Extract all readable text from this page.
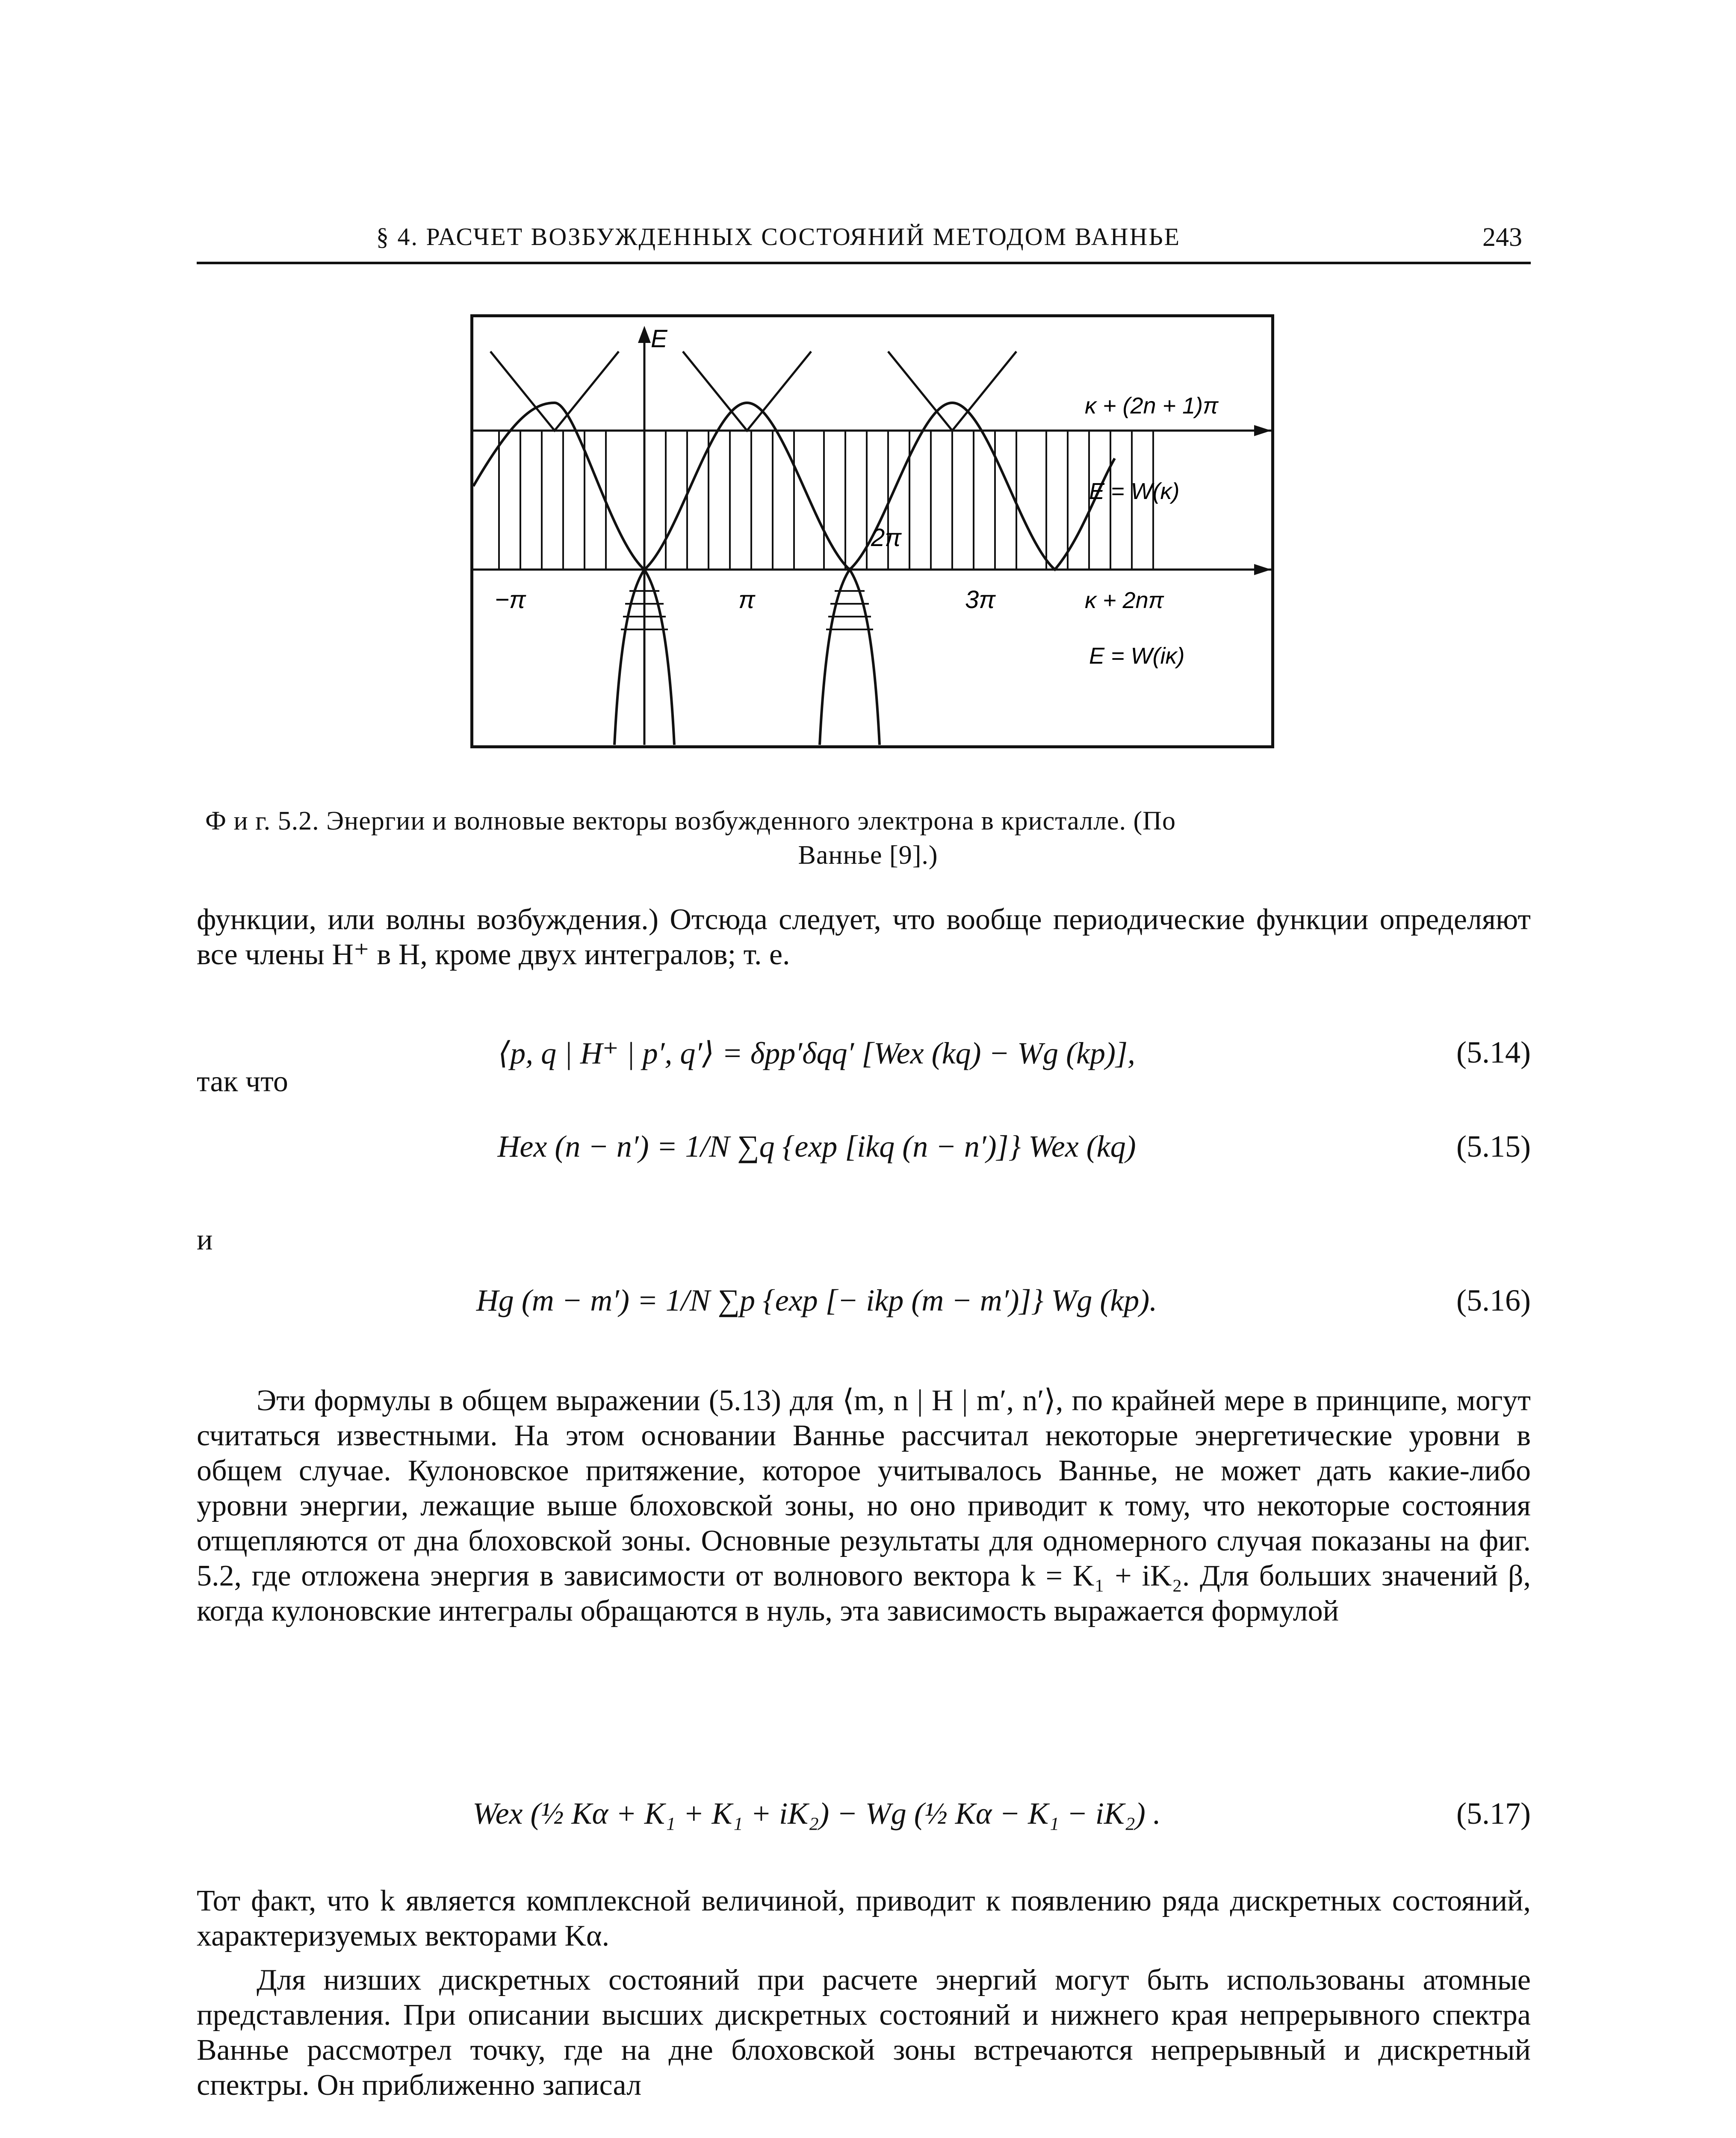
§ 4. РАСЧЕТ ВОЗБУЖДЕННЫХ СОСТОЯНИЙ МЕТОДОМ ВАННЬЕ	243
E
−π	π	3π
2π
κ + (2n + 1)π
κ + 2nπ
E = W(κ)
E = W(iκ)
Ф и г. 5.2. Энергии и волновые векторы возбужденного электрона в кристалле. (По
Ванньe [9].)
функции, или волны возбуждения.) Отсюда следует, что вообще периодические функции определяют все члены H⁺ в H, кроме двух интегралов; т. е.
⟨p, q | H⁺ | p′, q′⟩ = δpp′δqq′ [Wex (kq) − Wg (kp)],	(5.14)
так что
Hex (n − n′) = 1/N ∑q {exp [ikq (n − n′)]} Wex (kq)	(5.15)
и
Hg (m − m′) = 1/N ∑p {exp [− ikp (m − m′)]} Wg (kp).	(5.16)
Эти формулы в общем выражении (5.13) для ⟨m, n | H | m′, n′⟩, по крайней мере в принципе, могут считаться известными. На этом основании Ванньe рассчитал некоторые энергетические уровни в общем случае. Кулоновское притяжение, которое учитывалось Ванньe, не может дать какие-либо уровни энергии, лежащие выше блоховской зоны, но оно приводит к тому, что некоторые состояния отщепляются от дна блоховской зоны. Основные результаты для одномерного случая показаны на фиг. 5.2, где отложена энергия в зависимости от волнового вектора k = K₁ + iK₂. Для больших значений β, когда кулоновские интегралы обращаются в нуль, эта зависимость выражается формулой
Wex (½ Kα + K₁ + K₁ + iK₂) − Wg (½ Kα − K₁ − iK₂) .	(5.17)
Тот факт, что k является комплексной величиной, приводит к появлению ряда дискретных состояний, характеризуемых векторами Kα.
Для низших дискретных состояний при расчете энергий могут быть использованы атомные представления. При описании высших дискретных состояний и нижнего края непрерывного спектра Ванньe рассмотрел точку, где на дне блоховской зоны встречаются непрерывный и дискретный спектры. Он приближенно записал
